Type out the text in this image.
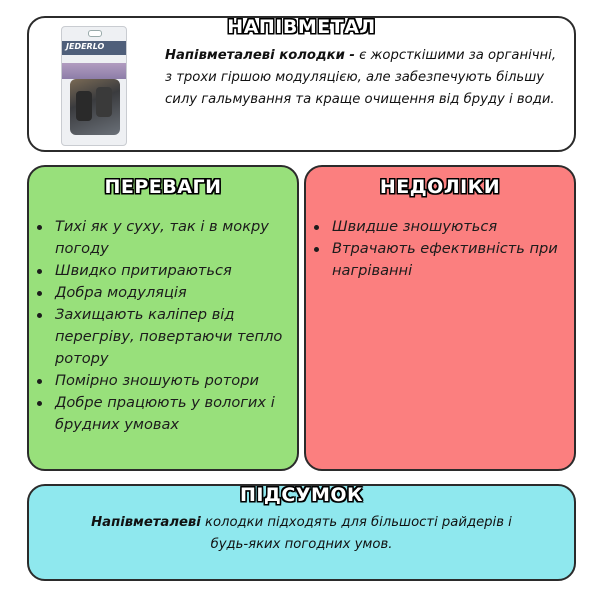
НАПІВМЕТАЛ
JEDERLO
Напівметалеві колодки - є жорсткішими за органічні, з трохи гіршою модуляцією, але забезпечують більшу силу гальмування та краще очищення від бруду і води.
ПЕРЕВАГИ
Тихі як у суху, так і в мокру погоду
Швидко притираються
Добра модуляція
Захищають каліпер від перегріву, повертаючи тепло ротору
Помірно зношують ротори
Добре працюють у вологих і брудних умовах
НЕДОЛІКИ
Швидше зношуються
Втрачають ефективність при нагріванні
ПІДСУМОК
Напівметалеві колодки підходять для більшості райдерів і будь-яких погодних умов.
